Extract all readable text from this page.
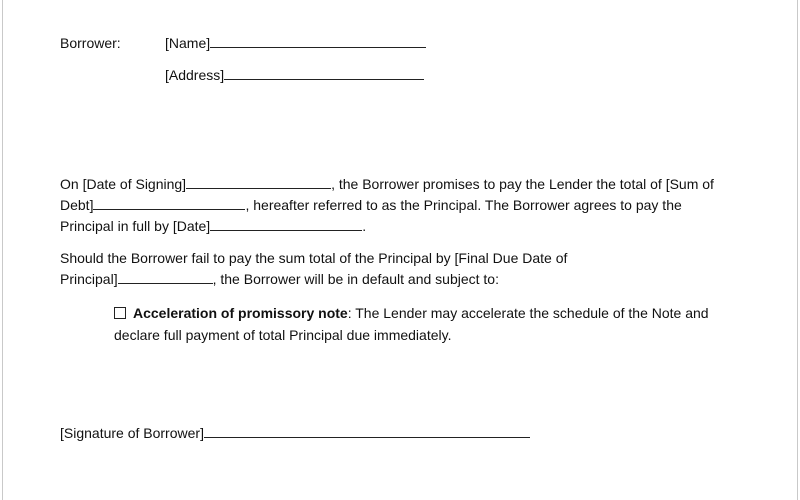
Borrower:	[Name]
[Address]
On [Date of Signing]	, the Borrower promises to pay the Lender the total of [Sum of
Debt]	, hereafter referred to as the Principal. The Borrower agrees to pay the
Principal in full by [Date]	.
Should the Borrower fail to pay the sum total of the Principal by [Final Due Date of
Principal]	, the Borrower will be in default and subject to:
Acceleration of promissory note: The Lender may accelerate the schedule of the Note and
declare full payment of total Principal due immediately.
[Signature of Borrower]
